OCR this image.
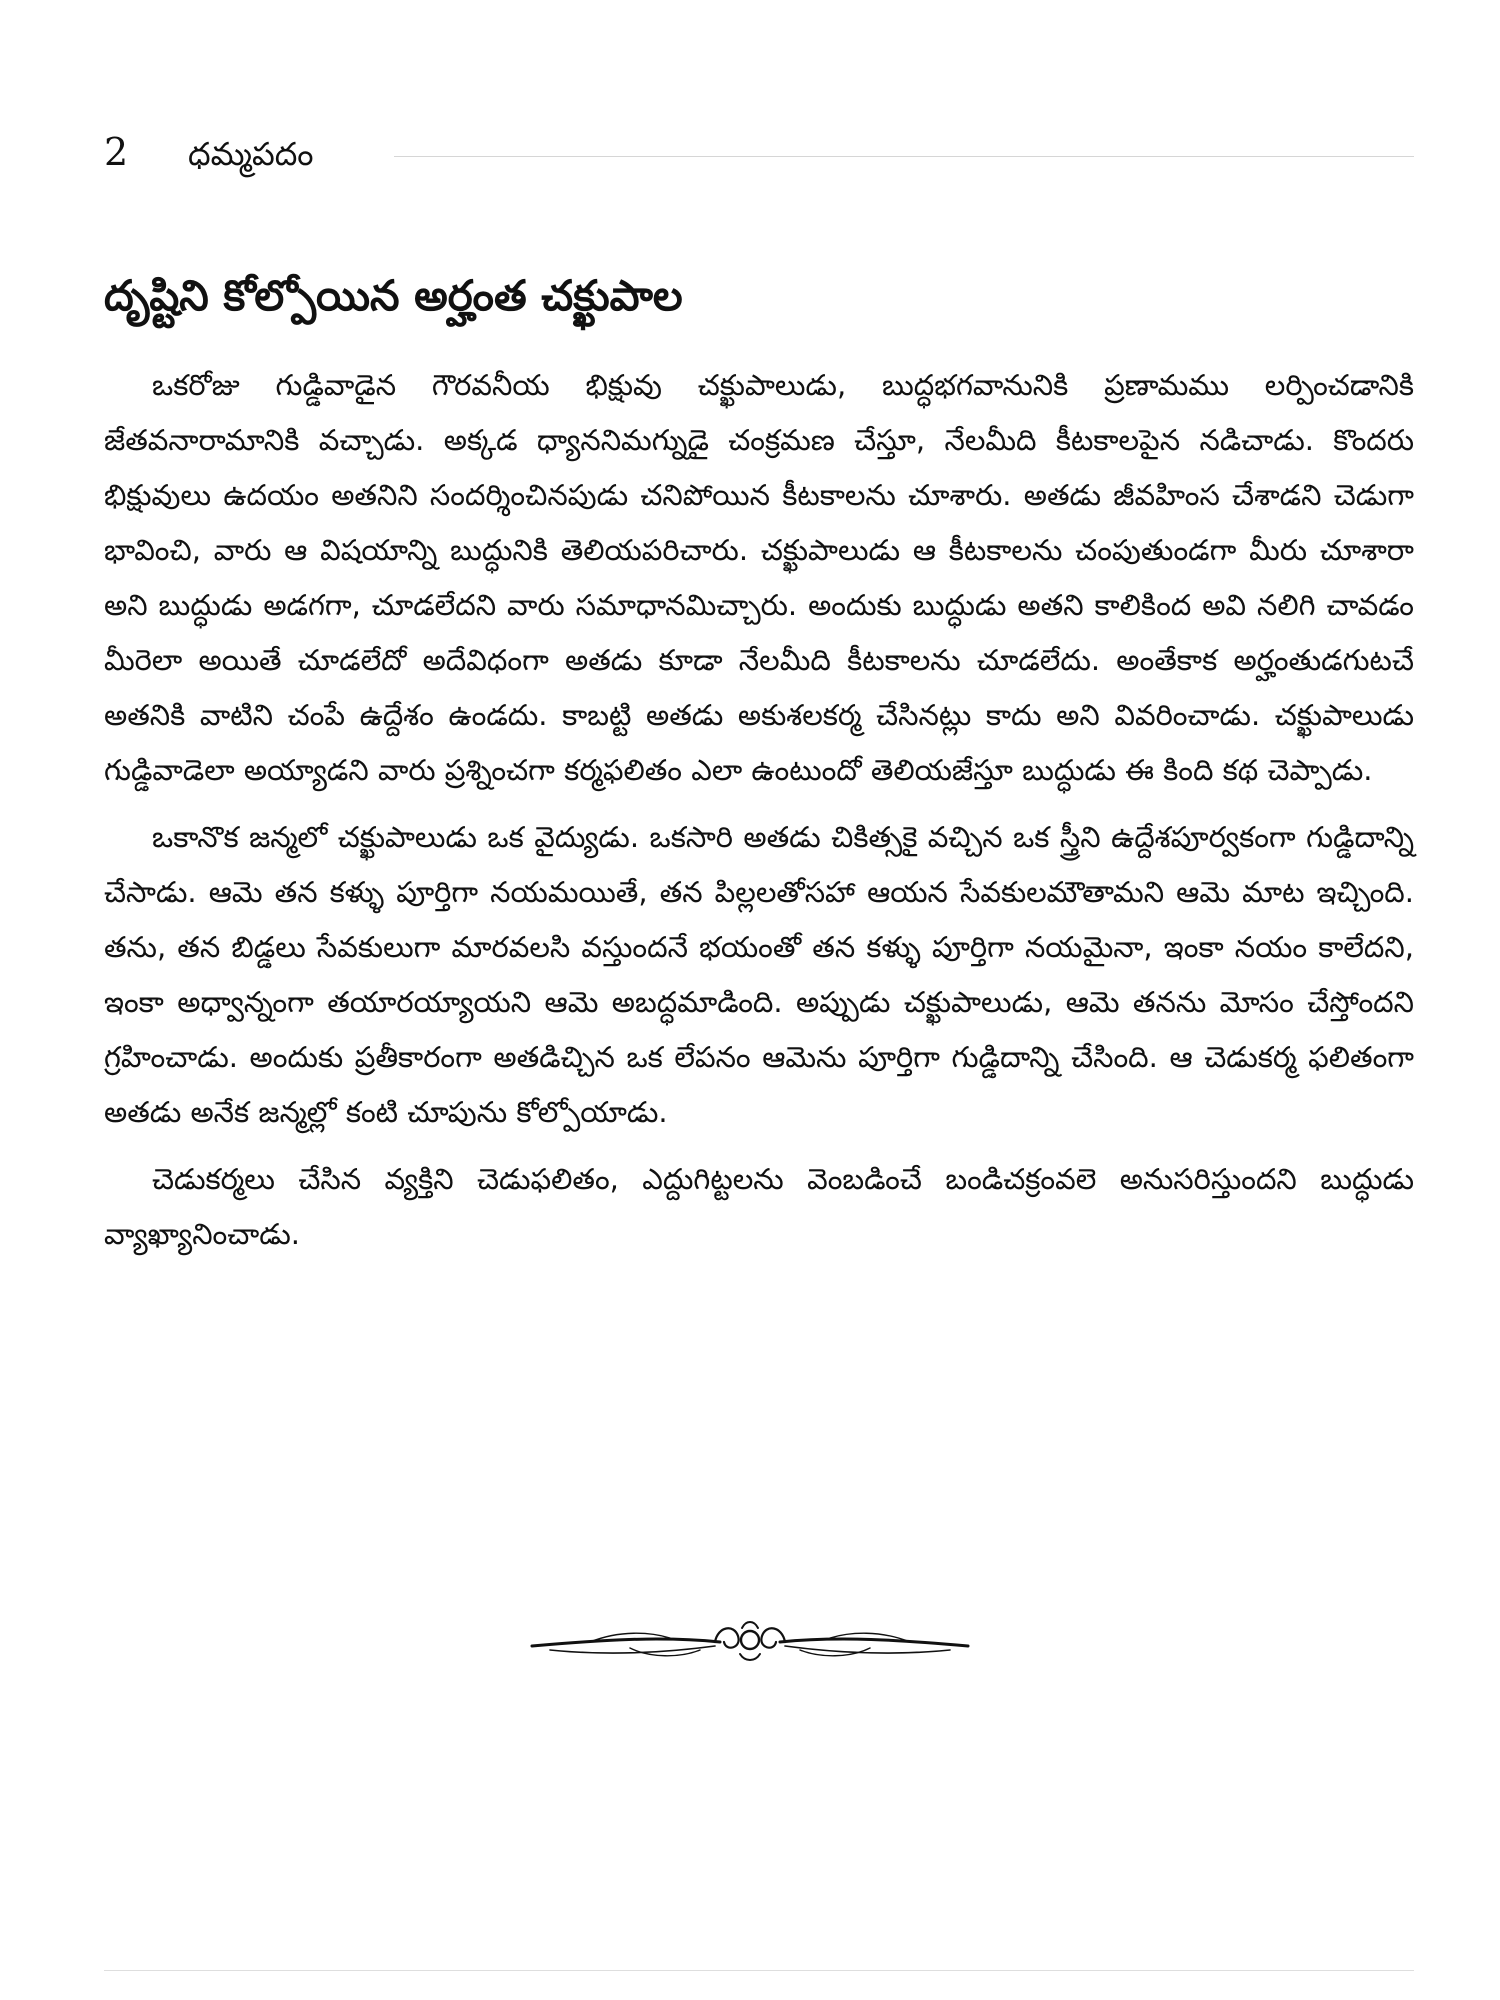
2 ధమ్మపదం
దృష్టిని కోల్పోయిన అర్హంత చక్ఖుపాల

ఒకరోజు గుడ్డివాడైన గౌరవనీయ భిక్షువు చక్ఖుపాలుడు, బుద్ధభగవానునికి ప్రణామము లర్పించడానికి జేతవనారామానికి వచ్చాడు. అక్కడ ధ్యాననిమగ్నుడై చంక్రమణ చేస్తూ, నేలమీది కీటకాలపైన నడిచాడు. కొందరు భిక్షువులు ఉదయం అతనిని సందర్శించినపుడు చనిపోయిన కీటకాలను చూశారు. అతడు జీవహింస చేశాడని చెడుగా భావించి, వారు ఆ విషయాన్ని బుద్ధునికి తెలియపరిచారు. చక్ఖుపాలుడు ఆ కీటకాలను చంపుతుండగా మీరు చూశారా అని బుద్ధుడు అడగగా, చూడలేదని వారు సమాధానమిచ్చారు. అందుకు బుద్ధుడు అతని కాలికింద అవి నలిగి చావడం మీరెలా అయితే చూడలేదో అదేవిధంగా అతడు కూడా నేలమీది కీటకాలను చూడలేదు. అంతేకాక అర్హంతుడగుటచే అతనికి వాటిని చంపే ఉద్దేశం ఉండదు. కాబట్టి అతడు అకుశలకర్మ చేసినట్లు కాదు అని వివరించాడు. చక్ఖుపాలుడు గుడ్డివాడెలా అయ్యాడని వారు ప్రశ్నించగా కర్మఫలితం ఎలా ఉంటుందో తెలియజేస్తూ బుద్ధుడు ఈ కింది కథ చెప్పాడు.

ఒకానొక జన్మలో చక్ఖుపాలుడు ఒక వైద్యుడు. ఒకసారి అతడు చికిత్సకై వచ్చిన ఒక స్త్రీని ఉద్దేశపూర్వకంగా గుడ్డిదాన్ని చేసాడు. ఆమె తన కళ్ళు పూర్తిగా నయమయితే, తన పిల్లలతోసహా ఆయన సేవకులమౌతామని ఆమె మాట ఇచ్చింది. తను, తన బిడ్డలు సేవకులుగా మారవలసి వస్తుందనే భయంతో తన కళ్ళు పూర్తిగా నయమైనా, ఇంకా నయం కాలేదని, ఇంకా అధ్వాన్నంగా తయారయ్యాయని ఆమె అబద్ధమాడింది. అప్పుడు చక్ఖుపాలుడు, ఆమె తనను మోసం చేస్తోందని గ్రహించాడు. అందుకు ప్రతీకారంగా అతడిచ్చిన ఒక లేపనం ఆమెను పూర్తిగా గుడ్డిదాన్ని చేసింది. ఆ చెడుకర్మ ఫలితంగా అతడు అనేక జన్మల్లో కంటి చూపును కోల్పోయాడు.

చెడుకర్మలు చేసిన వ్యక్తిని చెడుఫలితం, ఎద్దుగిట్టలను వెంబడించే బండిచక్రంవలె అనుసరిస్తుందని బుద్ధుడు వ్యాఖ్యానించాడు.
